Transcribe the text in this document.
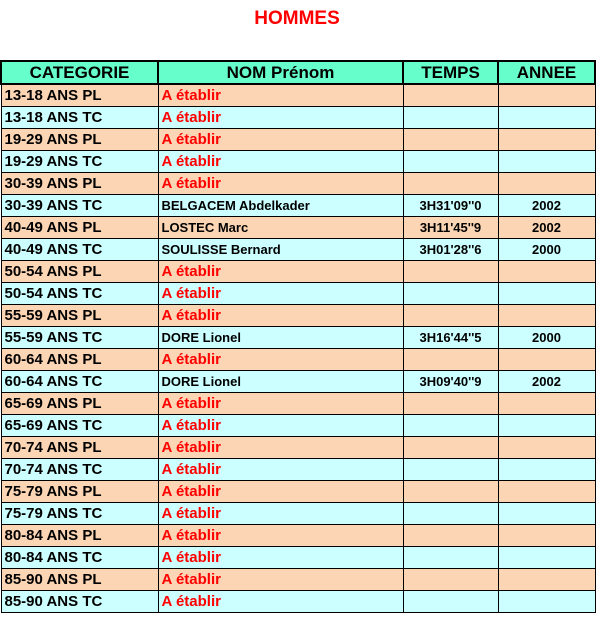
HOMMES
CATEGORIE	NOM Prénom	TEMPS	ANNEE
13-18 ANS PL	A établir		
13-18 ANS TC	A établir		
19-29 ANS PL	A établir		
19-29 ANS TC	A établir		
30-39 ANS PL	A établir		
30-39 ANS TC	BELGACEM Abdelkader	3H31'09''0	2002
40-49 ANS PL	LOSTEC Marc	3H11'45''9	2002
40-49 ANS TC	SOULISSE Bernard	3H01'28''6	2000
50-54 ANS PL	A établir		
50-54 ANS TC	A établir		
55-59 ANS PL	A établir		
55-59 ANS TC	DORE Lionel	3H16'44''5	2000
60-64 ANS PL	A établir		
60-64 ANS TC	DORE Lionel	3H09'40''9	2002
65-69 ANS PL	A établir		
65-69 ANS TC	A établir		
70-74 ANS PL	A établir		
70-74 ANS TC	A établir		
75-79 ANS PL	A établir		
75-79 ANS TC	A établir		
80-84 ANS PL	A établir		
80-84 ANS TC	A établir		
85-90 ANS PL	A établir		
85-90 ANS TC	A établir		
